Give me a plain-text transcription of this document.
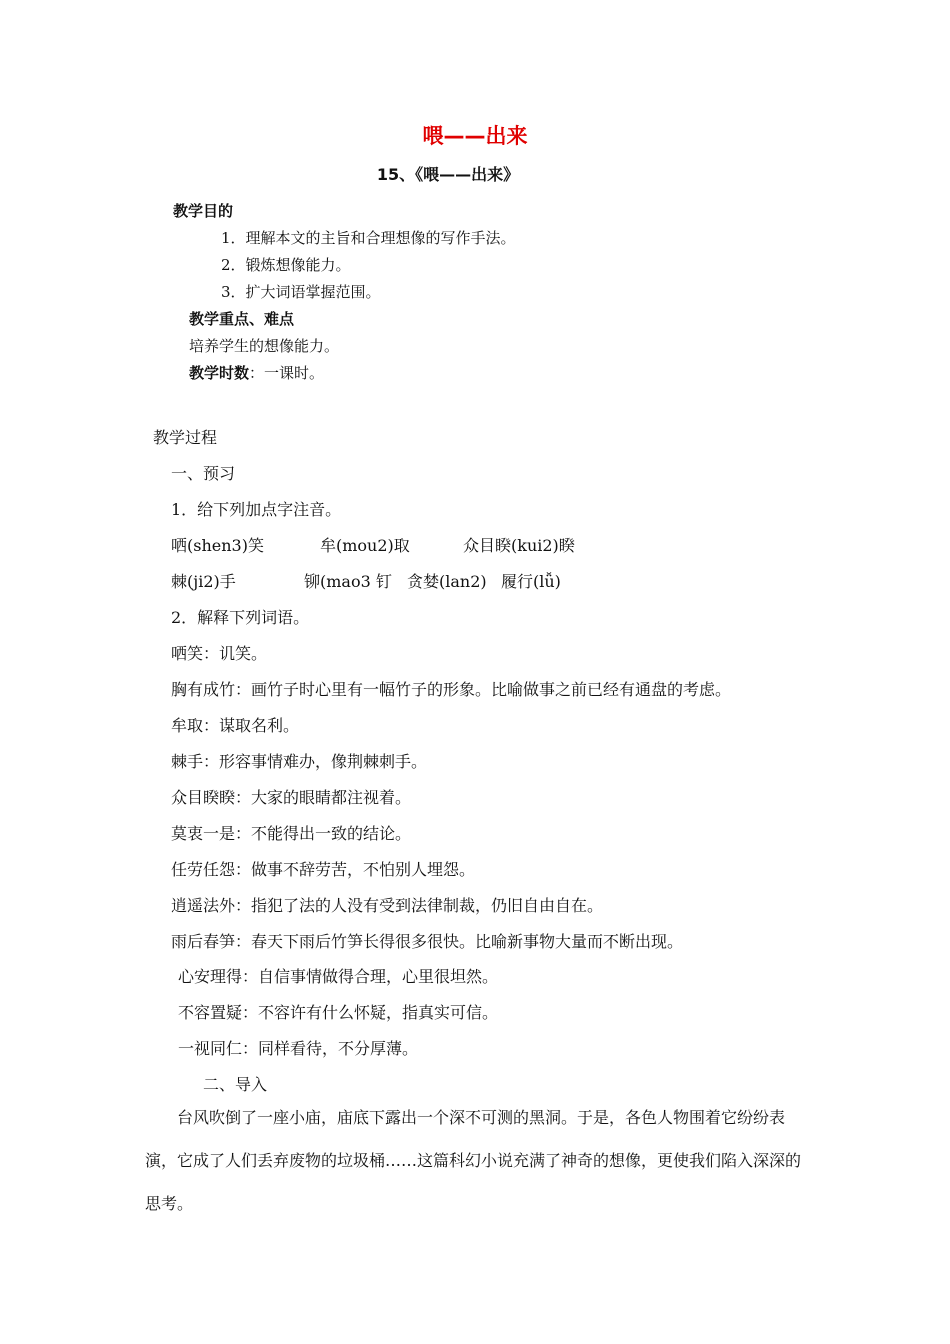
喂——出来
15、《喂——出来》
教学目的
1．理解本文的主旨和合理想像的写作手法。
2．锻炼想像能力。
3．扩大词语掌握范围。
教学重点、难点
培养学生的想像能力。
教学时数：一课时。
教学过程
一、预习
1．给下列加点字注音。
哂(shen3)笑	牟(mou2)取	众目睽(kui2)睽
棘(ji2)手	铆(mao3 钉 贪婪(lan2) 履行(lǚ)
2．解释下列词语。
哂笑：讥笑。
胸有成竹：画竹子时心里有一幅竹子的形象。比喻做事之前已经有通盘的考虑。
牟取：谋取名利。
棘手：形容事情难办，像荆棘刺手。
众目睽睽：大家的眼睛都注视着。
莫衷一是：不能得出一致的结论。
任劳任怨：做事不辞劳苦，不怕别人埋怨。
逍遥法外：指犯了法的人没有受到法律制裁，仍旧自由自在。
雨后春笋：春天下雨后竹笋长得很多很快。比喻新事物大量而不断出现。
心安理得：自信事情做得合理，心里很坦然。
不容置疑：不容许有什么怀疑，指真实可信。
一视同仁：同样看待，不分厚薄。
二、导入
台风吹倒了一座小庙，庙底下露出一个深不可测的黑洞。于是，各色人物围着它纷纷表演，它成了人们丢弃废物的垃圾桶……这篇科幻小说充满了神奇的想像，更使我们陷入深深的思考。
